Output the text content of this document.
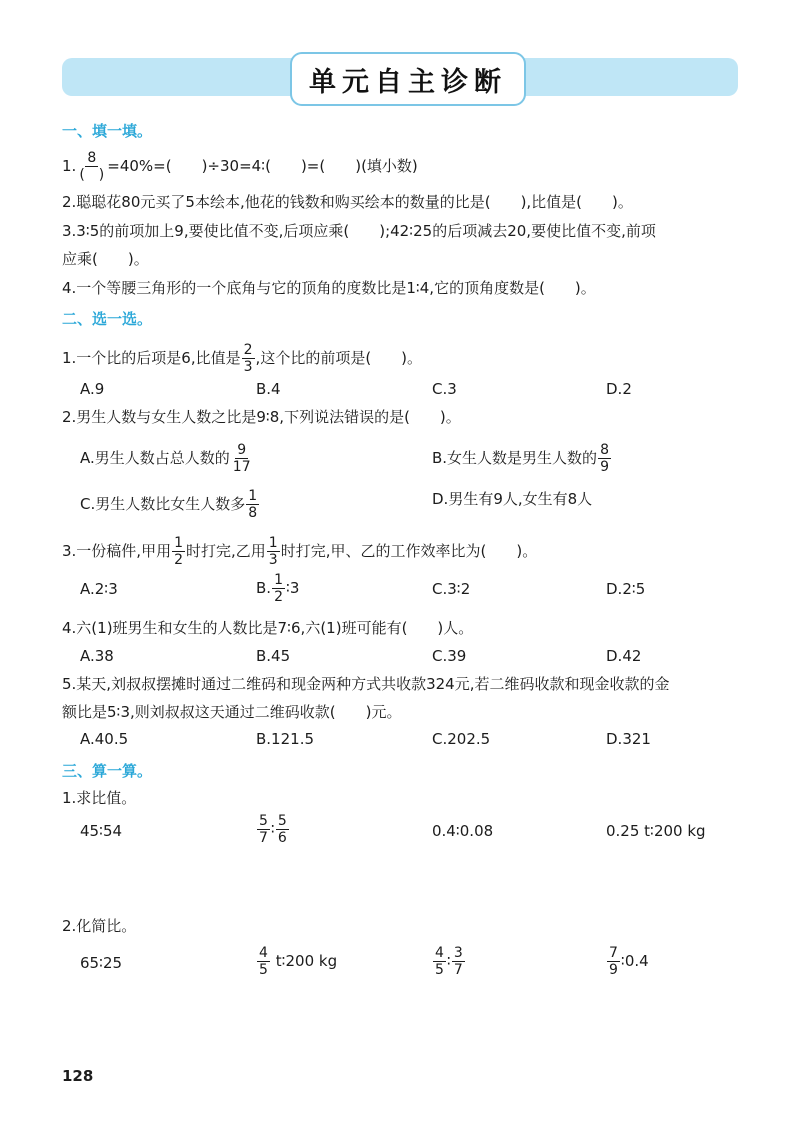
单元自主诊断
一、填一填。
1. $\frac{8}{( )} =40\%=$(　　)÷30=4∶(　　)=(　　)(填小数)
2.聪聪花80元买了5本绘本,他花的钱数和购买绘本的数量的比是(　　),比值是(　　)。
3.3∶5的前项加上9,要使比值不变,后项应乘(　　);42∶25的后项减去20,要使比值不变,前项
应乘(　　)。
4.一个等腰三角形的一个底角与它的顶角的度数比是1∶4,它的顶角度数是(　　)。
二、选一选。
1.一个比的后项是6,比值是 $\frac{2}{3}$ ,这个比的前项是(　　)。
A.9	B.4	C.3	D.2
2.男生人数与女生人数之比是9∶8,下列说法错误的是(　　)。
A.男生人数占总人数的 $\frac{9}{17}$	B.女生人数是男生人数的 $\frac{8}{9}$
C.男生人数比女生人数多 $\frac{1}{8}$	D.男生有9人,女生有8人
3.一份稿件,甲用 $\frac{1}{2}$ 时打完,乙用 $\frac{1}{3}$ 时打完,甲、乙的工作效率比为(　　)。
A.2∶3	B. $\frac{1}{2}$ ∶3	C.3∶2	D.2∶5
4.六(1)班男生和女生的人数比是7∶6,六(1)班可能有(　　)人。
A.38	B.45	C.39	D.42
5.某天,刘叔叔摆摊时通过二维码和现金两种方式共收款324元,若二维码收款和现金收款的金
额比是5∶3,则刘叔叔这天通过二维码收款(　　)元。
A.40.5	B.121.5	C.202.5	D.321
三、算一算。
1.求比值。
45∶54	$\frac{5}{7}$ ∶ $\frac{5}{6}$	0.4∶0.08	0.25 t∶200 kg
2.化简比。
65∶25	$\frac{4}{5}$ t∶200 kg	$\frac{4}{5}$ ∶ $\frac{3}{7}$	$\frac{7}{9}$ ∶0.4
128
